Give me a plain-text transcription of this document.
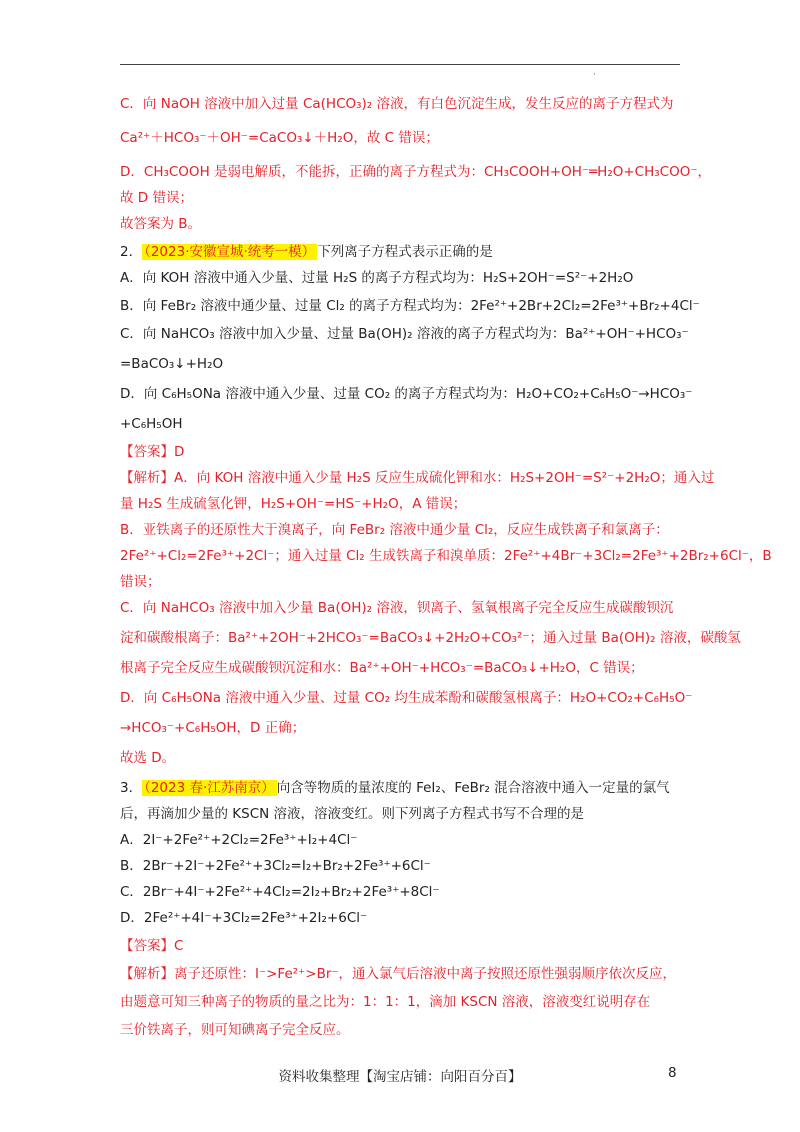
·
C．向 NaOH 溶液中加入过量 Ca(HCO₃)₂ 溶液，有白色沉淀生成，发生反应的离子方程式为
Ca²⁺＋HCO₃⁻＋OH⁻=CaCO₃↓＋H₂O，故 C 错误；
D．CH₃COOH 是弱电解质，不能拆，正确的离子方程式为：CH₃COOH+OH⁻═H₂O+CH₃COO⁻，
故 D 错误；
故答案为 B。
A．向 KOH 溶液中通入少量、过量 H₂S 的离子方程式均为：H₂S+2OH⁻=S²⁻+2H₂O
B．向 FeBr₂ 溶液中通少量、过量 Cl₂ 的离子方程式均为：2Fe²⁺+2Br+2Cl₂=2Fe³⁺+Br₂+4Cl⁻
C．向 NaHCO₃ 溶液中加入少量、过量 Ba(OH)₂ 溶液的离子方程式均为：Ba²⁺+OH⁻+HCO₃⁻
=BaCO₃↓+H₂O
D．向 C₆H₅ONa 溶液中通入少量、过量 CO₂ 的离子方程式均为：H₂O+CO₂+C₆H₅O⁻→HCO₃⁻
+C₆H₅OH
【答案】D
【解析】A．向 KOH 溶液中通入少量 H₂S 反应生成硫化钾和水：H₂S+2OH⁻=S²⁻+2H₂O；通入过
量 H₂S 生成硫氢化钾，H₂S+OH⁻=HS⁻+H₂O，A 错误；
B．亚铁离子的还原性大于溴离子，向 FeBr₂ 溶液中通少量 Cl₂，反应生成铁离子和氯离子：
2Fe²⁺+Cl₂=2Fe³⁺+2Cl⁻；通入过量 Cl₂ 生成铁离子和溴单质：2Fe²⁺+4Br⁻+3Cl₂=2Fe³⁺+2Br₂+6Cl⁻，B
错误；
C．向 NaHCO₃ 溶液中加入少量 Ba(OH)₂ 溶液，钡离子、氢氧根离子完全反应生成碳酸钡沉
淀和碳酸根离子：Ba²⁺+2OH⁻+2HCO₃⁻=BaCO₃↓+2H₂O+CO₃²⁻；通入过量 Ba(OH)₂ 溶液，碳酸氢
根离子完全反应生成碳酸钡沉淀和水：Ba²⁺+OH⁻+HCO₃⁻=BaCO₃↓+H₂O，C 错误；
D．向 C₆H₅ONa 溶液中通入少量、过量 CO₂ 均生成苯酚和碳酸氢根离子：H₂O+CO₂+C₆H₅O⁻
→HCO₃⁻+C₆H₅OH，D 正确；
故选 D。
后，再滴加少量的 KSCN 溶液，溶液变红。则下列离子方程式书写不合理的是
A．2I⁻+2Fe²⁺+2Cl₂=2Fe³⁺+I₂+4Cl⁻
B．2Br⁻+2I⁻+2Fe²⁺+3Cl₂=I₂+Br₂+2Fe³⁺+6Cl⁻
C．2Br⁻+4I⁻+2Fe²⁺+4Cl₂=2I₂+Br₂+2Fe³⁺+8Cl⁻
D．2Fe²⁺+4I⁻+3Cl₂=2Fe³⁺+2I₂+6Cl⁻
【答案】C
【解析】离子还原性：I⁻>Fe²⁺>Br⁻，通入氯气后溶液中离子按照还原性强弱顺序依次反应，
由题意可知三种离子的物质的量之比为：1：1：1，滴加 KSCN 溶液，溶液变红说明存在
三价铁离子，则可知碘离子完全反应。
2． （2023·安徽宣城·统考一模） 下列离子方程式表示正确的是
3． （2023 春·江苏南京） 向含等物质的量浓度的 FeI₂、FeBr₂ 混合溶液中通入一定量的氯气
资料收集整理【淘宝店铺：向阳百分百】	8
